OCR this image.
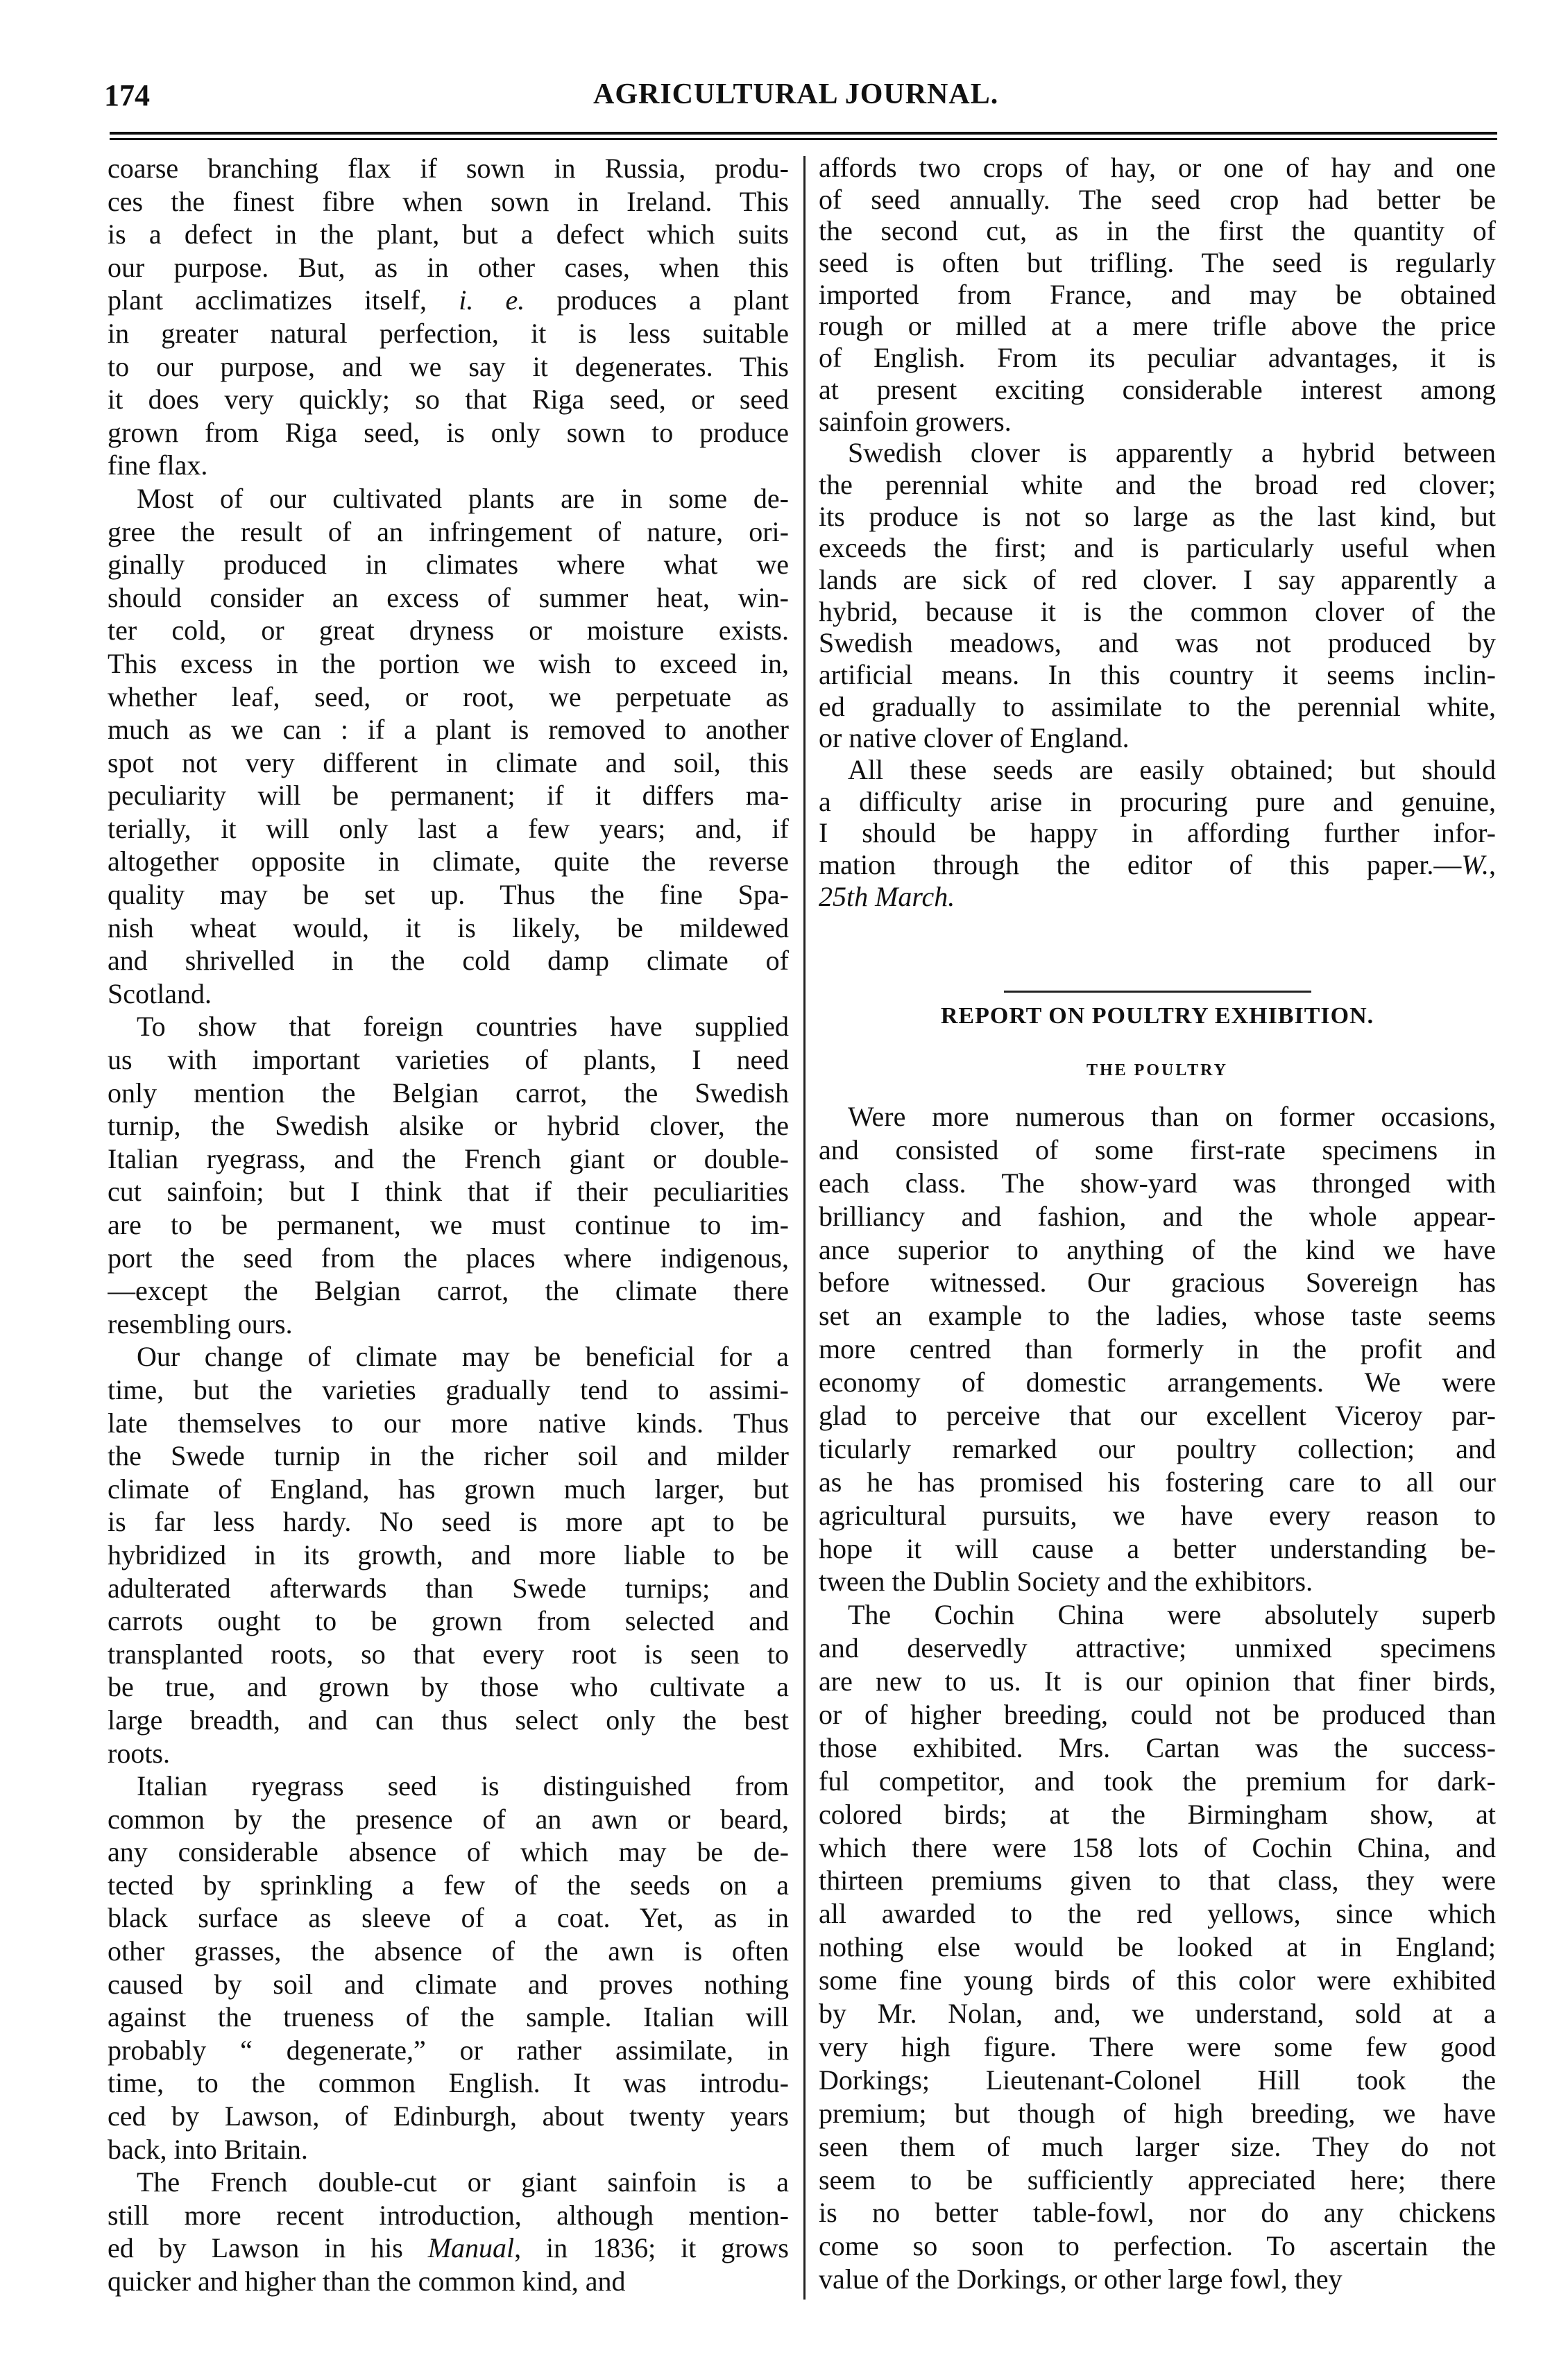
174	AGRICULTURAL JOURNAL.
coarse branching flax if sown in Russia, produ-
ces the finest fibre when sown in Ireland. This
is a defect in the plant, but a defect which suits
our purpose. But, as in other cases, when this
plant acclimatizes itself, i. e. produces a plant
in greater natural perfection, it is less suitable
to our purpose, and we say it degenerates. This
it does very quickly; so that Riga seed, or seed
grown from Riga seed, is only sown to produce
fine flax.
Most of our cultivated plants are in some de-
gree the result of an infringement of nature, ori-
ginally produced in climates where what we
should consider an excess of summer heat, win-
ter cold, or great dryness or moisture exists.
This excess in the portion we wish to exceed in,
whether leaf, seed, or root, we perpetuate as
much as we can : if a plant is removed to another
spot not very different in climate and soil, this
peculiarity will be permanent; if it differs ma-
terially, it will only last a few years; and, if
altogether opposite in climate, quite the reverse
quality may be set up. Thus the fine Spa-
nish wheat would, it is likely, be mildewed
and shrivelled in the cold damp climate of
Scotland.
To show that foreign countries have supplied
us with important varieties of plants, I need
only mention the Belgian carrot, the Swedish
turnip, the Swedish alsike or hybrid clover, the
Italian ryegrass, and the French giant or double-
cut sainfoin; but I think that if their peculiarities
are to be permanent, we must continue to im-
port the seed from the places where indigenous,
—except the Belgian carrot, the climate there
resembling ours.
Our change of climate may be beneficial for a
time, but the varieties gradually tend to assimi-
late themselves to our more native kinds. Thus
the Swede turnip in the richer soil and milder
climate of England, has grown much larger, but
is far less hardy. No seed is more apt to be
hybridized in its growth, and more liable to be
adulterated afterwards than Swede turnips; and
carrots ought to be grown from selected and
transplanted roots, so that every root is seen to
be true, and grown by those who cultivate a
large breadth, and can thus select only the best
roots.
Italian ryegrass seed is distinguished from
common by the presence of an awn or beard,
any considerable absence of which may be de-
tected by sprinkling a few of the seeds on a
black surface as sleeve of a coat. Yet, as in
other grasses, the absence of the awn is often
caused by soil and climate and proves nothing
against the trueness of the sample. Italian will
probably “ degenerate,” or rather assimilate, in
time, to the common English. It was introdu-
ced by Lawson, of Edinburgh, about twenty years
back, into Britain.
The French double-cut or giant sainfoin is a
still more recent introduction, although mention-
ed by Lawson in his Manual, in 1836; it grows
quicker and higher than the common kind, and
affords two crops of hay, or one of hay and one
of seed annually. The seed crop had better be
the second cut, as in the first the quantity of
seed is often but trifling. The seed is regularly
imported from France, and may be obtained
rough or milled at a mere trifle above the price
of English. From its peculiar advantages, it is
at present exciting considerable interest among
sainfoin growers.
Swedish clover is apparently a hybrid between
the perennial white and the broad red clover;
its produce is not so large as the last kind, but
exceeds the first; and is particularly useful when
lands are sick of red clover. I say apparently a
hybrid, because it is the common clover of the
Swedish meadows, and was not produced by
artificial means. In this country it seems inclin-
ed gradually to assimilate to the perennial white,
or native clover of England.
All these seeds are easily obtained; but should
a difficulty arise in procuring pure and genuine,
I should be happy in affording further infor-
mation through the editor of this paper.—W.,
25th March.
REPORT ON POULTRY EXHIBITION.
THE POULTRY
Were more numerous than on former occasions,
and consisted of some first-rate specimens in
each class. The show-yard was thronged with
brilliancy and fashion, and the whole appear-
ance superior to anything of the kind we have
before witnessed. Our gracious Sovereign has
set an example to the ladies, whose taste seems
more centred than formerly in the profit and
economy of domestic arrangements. We were
glad to perceive that our excellent Viceroy par-
ticularly remarked our poultry collection; and
as he has promised his fostering care to all our
agricultural pursuits, we have every reason to
hope it will cause a better understanding be-
tween the Dublin Society and the exhibitors.
The Cochin China were absolutely superb
and deservedly attractive; unmixed specimens
are new to us. It is our opinion that finer birds,
or of higher breeding, could not be produced than
those exhibited. Mrs. Cartan was the success-
ful competitor, and took the premium for dark-
colored birds; at the Birmingham show, at
which there were 158 lots of Cochin China, and
thirteen premiums given to that class, they were
all awarded to the red yellows, since which
nothing else would be looked at in England;
some fine young birds of this color were exhibited
by Mr. Nolan, and, we understand, sold at a
very high figure. There were some few good
Dorkings; Lieutenant-Colonel Hill took the
premium; but though of high breeding, we have
seen them of much larger size. They do not
seem to be sufficiently appreciated here; there
is no better table-fowl, nor do any chickens
come so soon to perfection. To ascertain the
value of the Dorkings, or other large fowl, they
